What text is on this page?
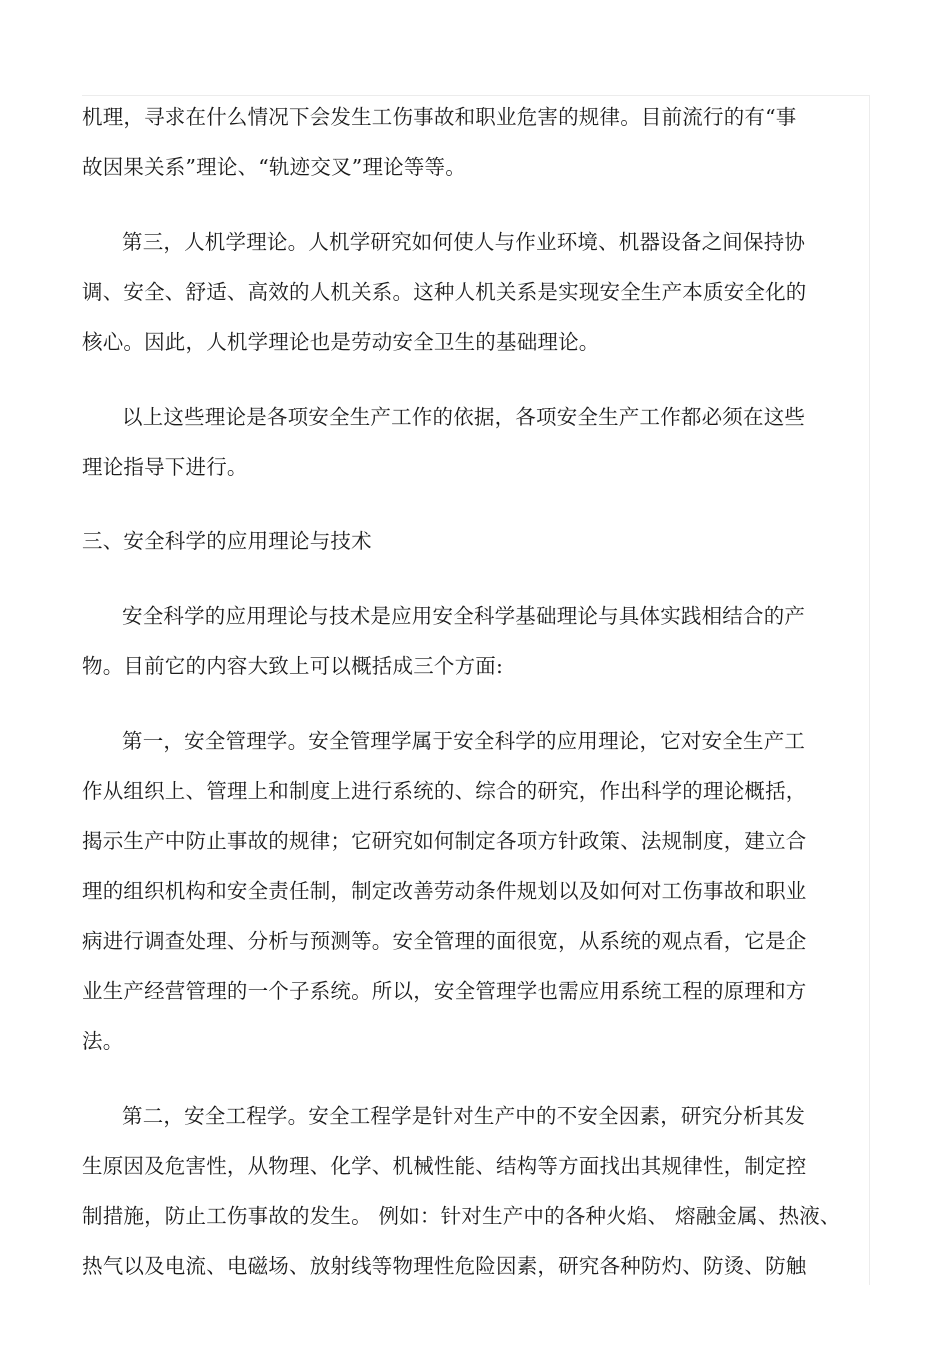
机理，寻求在什么情况下会发生工伤事故和职业危害的规律。目前流行的有“事
故因果关系”理论、“轨迹交叉”理论等等。
第三，人机学理论。人机学研究如何使人与作业环境、机器设备之间保持协
调、安全、舒适、高效的人机关系。这种人机关系是实现安全生产本质安全化的
核心。因此，人机学理论也是劳动安全卫生的基础理论。
以上这些理论是各项安全生产工作的依据，各项安全生产工作都必须在这些
理论指导下进行。
三、安全科学的应用理论与技术
安全科学的应用理论与技术是应用安全科学基础理论与具体实践相结合的产
物。目前它的内容大致上可以概括成三个方面:
第一，安全管理学。安全管理学属于安全科学的应用理论，它对安全生产工
作从组织上、管理上和制度上进行系统的、综合的研究，作出科学的理论概括，
揭示生产中防止事故的规律；它研究如何制定各项方针政策、法规制度，建立合
理的组织机构和安全责任制，制定改善劳动条件规划以及如何对工伤事故和职业
病进行调查处理、分析与预测等。安全管理的面很宽，从系统的观点看，它是企
业生产经营管理的一个子系统。所以，安全管理学也需应用系统工程的原理和方
法。
第二，安全工程学。安全工程学是针对生产中的不安全因素，研究分析其发
生原因及危害性，从物理、化学、机械性能、结构等方面找出其规律性，制定控
制措施，防止工伤事故的发生。 例如：针对生产中的各种火焰、 熔融金属、热液、
热气以及电流、电磁场、放射线等物理性危险因素，研究各种防灼、防烫、防触
